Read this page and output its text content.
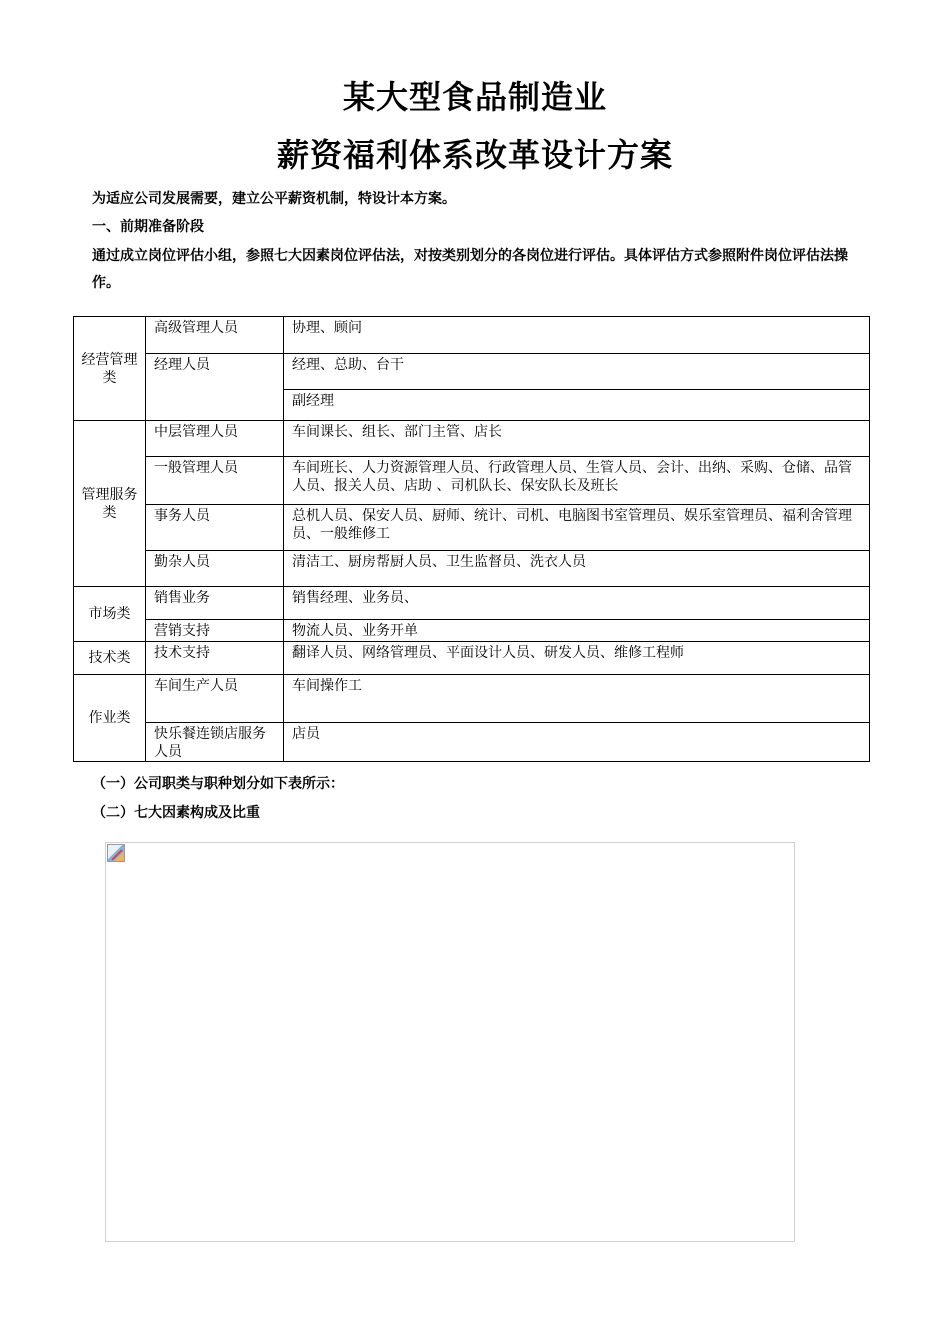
某大型食品制造业
薪资福利体系改革设计方案

为适应公司发展需要，建立公平薪资机制，特设计本方案。

一、前期准备阶段

通过成立岗位评估小组，参照七大因素岗位评估法，对按类别划分的各岗位进行评估。具体评估方式参照附件岗位评估法操作。

经营管理类	高级管理人员	协理、顾问
	经理人员	经理、总助、台干
		副经理
管理服务类	中层管理人员	车间课长、组长、部门主管、店长
	一般管理人员	车间班长、人力资源管理人员、行政管理人员、生管人员、会计、出纳、采购、仓储、品管人员、报关人员、店助 、司机队长、保安队长及班长
	事务人员	总机人员、保安人员、厨师、统计、司机、电脑图书室管理员、娱乐室管理员、福利舍管理员、一般维修工
	勤杂人员	清洁工、厨房帮厨人员、卫生监督员、洗衣人员
市场类	销售业务	销售经理、业务员、
	营销支持	物流人员、业务开单
技术类	技术支持	翻译人员、网络管理员、平面设计人员、研发人员、维修工程师
作业类	车间生产人员	车间操作工
	快乐餐连锁店服务人员	店员

（一）公司职类与职种划分如下表所示：

（二）七大因素构成及比重
